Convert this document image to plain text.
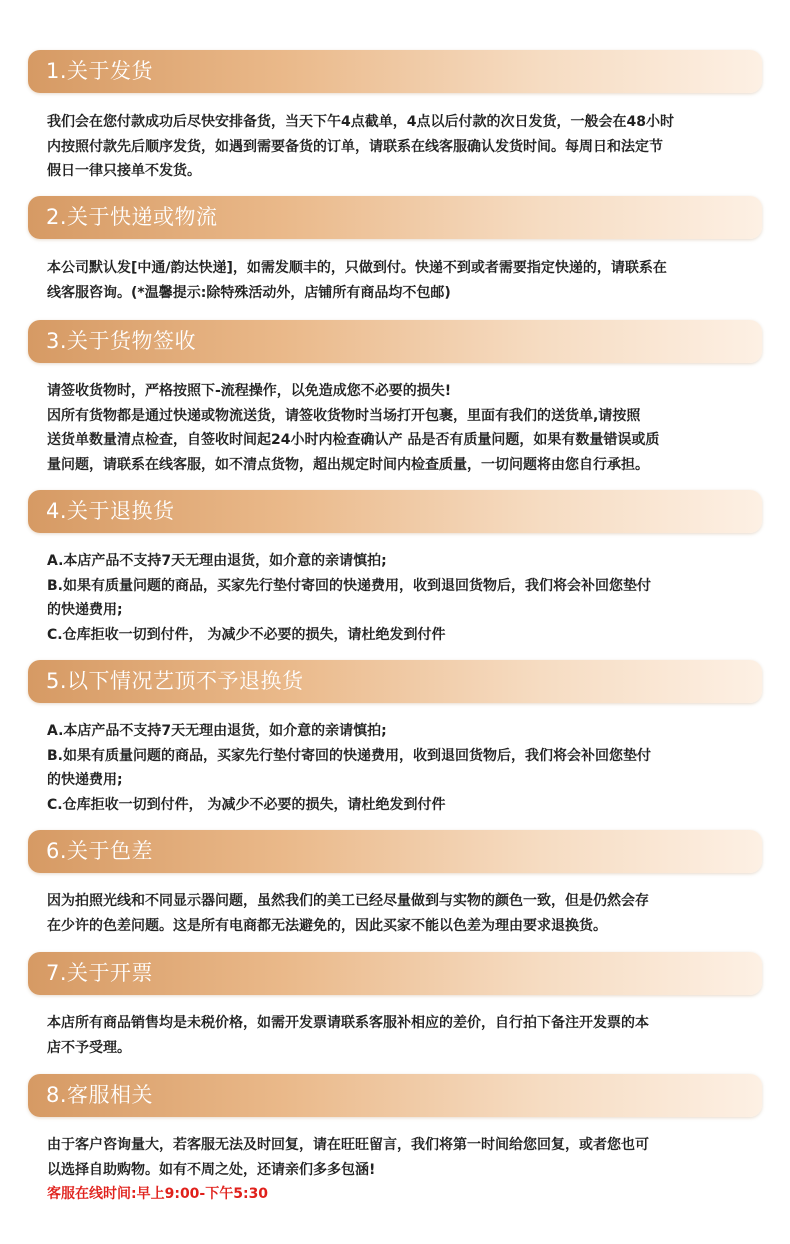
1.关于发货
我们会在您付款成功后尽快安排备货，当天下午4点截单，4点以后付款的次日发货，一般会在48小时
内按照付款先后顺序发货，如遇到需要备货的订单，请联系在线客服确认发货时间。每周日和法定节
假日一律只接单不发货。
2.关于快递或物流
本公司默认发[中通/韵达快递]，如需发顺丰的，只做到付。快递不到或者需要指定快递的，请联系在
线客服咨询。(*温馨提示:除特殊活动外，店铺所有商品均不包邮)
3.关于货物签收
请签收货物时，严格按照下-流程操作，以免造成您不必要的损失!
因所有货物都是通过快递或物流送货，请签收货物时当场打开包裹，里面有我们的送货单,请按照
送货单数量清点检查，自签收时间起24小时内检查确认产 品是否有质量问题，如果有数量错误或质
量问题，请联系在线客服，如不清点货物，超出规定时间内检查质量，一切问题将由您自行承担。
4.关于退换货
A.本店产品不支持7天无理由退货，如介意的亲请慎拍;
B.如果有质量问题的商品，买家先行垫付寄回的快递费用，收到退回货物后，我们将会补回您垫付
的快递费用;
C.仓库拒收一切到付件， 为减少不必要的损失，请杜绝发到付件
5.以下情况艺顶不予退换货
A.本店产品不支持7天无理由退货，如介意的亲请慎拍;
B.如果有质量问题的商品，买家先行垫付寄回的快递费用，收到退回货物后，我们将会补回您垫付
的快递费用;
C.仓库拒收一切到付件， 为减少不必要的损失，请杜绝发到付件
6.关于色差
因为拍照光线和不同显示器问题，虽然我们的美工已经尽量做到与实物的颜色一致，但是仍然会存
在少许的色差问题。这是所有电商都无法避免的，因此买家不能以色差为理由要求退换货。
7.关于开票
本店所有商品销售均是未税价格，如需开发票请联系客服补相应的差价，自行拍下备注开发票的本
店不予受理。
8.客服相关
由于客户咨询量大，若客服无法及时回复，请在旺旺留言，我们将第一时间给您回复，或者您也可
以选择自助购物。如有不周之处，还请亲们多多包涵!
客服在线时间:早上9:00-下午5:30
